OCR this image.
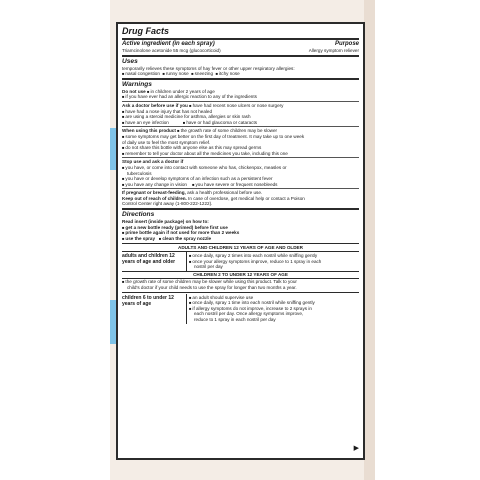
Drug Facts
Active ingredient (in each spray)	Purpose
Triamcinolone acetonide 55 mcg (glucocorticoid)	Allergy symptom reliever
Uses
temporarily relieves these symptoms of hay fever or other upper respiratory allergies:
■ nasal congestion ■ runny nose ■ sneezing ■ itchy nose
Warnings
Do not use ■ in children under 2 years of age
■ if you have ever had an allergic reaction to any of the ingredients
Ask a doctor before use if you ■ have had recent nose ulcers or nose surgery
■ have had a nose injury that has not healed
■ are using a steroid medicine for asthma, allergies or skin rash
■ have an eye infection	■ have or had glaucoma or cataracts
When using this product ■ the growth rate of some children may be slower
■ some symptoms may get better on the first day of treatment. It may take up to one week
of daily use to feel the most symptom relief.
■ do not share this bottle with anyone else as this may spread germs
■ remember to tell your doctor about all the medicines you take, including this one
Stop use and ask a doctor if
■ you have, or come into contact with someone who has, chickenpox, measles or
tuberculosis
■ you have or develop symptoms of an infection such as a persistent fever
■ you have any change in vision ■ you have severe or frequent nosebleeds
If pregnant or breast-feeding, ask a health professional before use.
Keep out of reach of children. In case of overdose, get medical help or contact a Poison
Control Center right away (1-800-222-1222).
Directions
Read insert (inside package) on how to:
■ get a new bottle ready (primed) before first use
■ prime bottle again if not used for more than 2 weeks
■ use the spray ■ clean the spray nozzle
ADULTS AND CHILDREN 12 YEARS OF AGE AND OLDER
adults and children 12 years of age and older
■ once daily, spray 2 times into each nostril while sniffing gently
■ once your allergy symptoms improve, reduce to 1 spray in each
nostril per day
CHILDREN 2 TO UNDER 12 YEARS OF AGE
■ the growth rate of some children may be slower while using this product. Talk to your
child's doctor if your child needs to use the spray for longer than two months a year.
children 6 to under 12 years of age
■ an adult should supervise use
■ once daily, spray 1 time into each nostril while sniffing gently
■ if allergy symptoms do not improve, increase to 2 sprays in
each nostril per day. Once allergy symptoms improve,
reduce to 1 spray in each nostril per day
▶
